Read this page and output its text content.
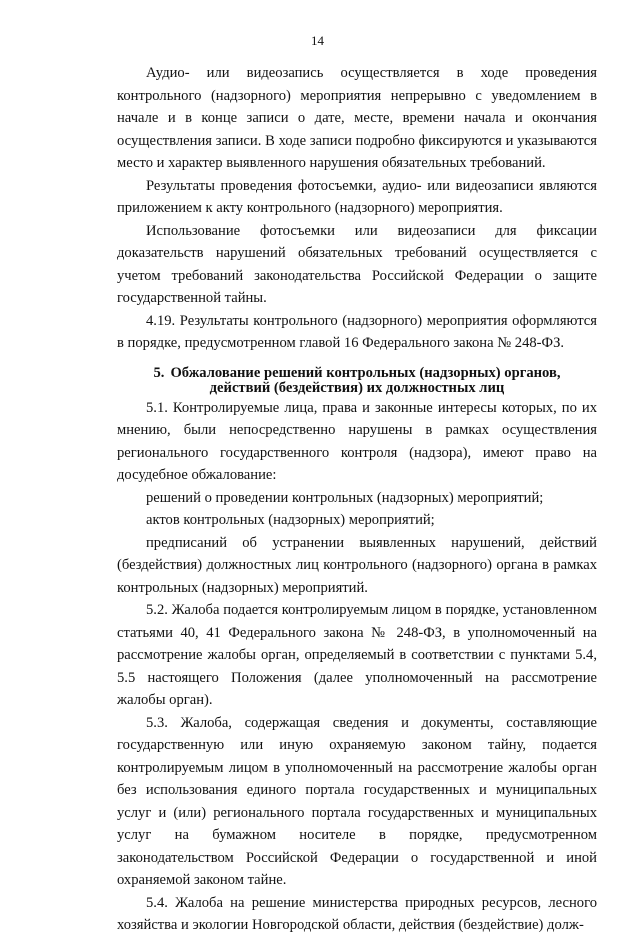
14

Аудио- или видеозапись осуществляется в ходе проведения контрольного (надзорного) мероприятия непрерывно с уведомлением в начале и в конце записи о дате, месте, времени начала и окончания осуществления записи. В ходе записи подробно фиксируются и указываются место и характер выявленного нарушения обязательных требований.

Результаты проведения фотосъемки, аудио- или видеозаписи являются приложением к акту контрольного (надзорного) мероприятия.

Использование фотосъемки или видеозаписи для фиксации доказательств нарушений обязательных требований осуществляется с учетом требований законодательства Российской Федерации о защите государственной тайны.

4.19. Результаты контрольного (надзорного) мероприятия оформляются в порядке, предусмотренном главой 16 Федерального закона № 248-ФЗ.

5. Обжалование решений контрольных (надзорных) органов,
действий (бездействия) их должностных лиц

5.1. Контролируемые лица, права и законные интересы которых, по их мнению, были непосредственно нарушены в рамках осуществления регионального государственного контроля (надзора), имеют право на досудебное обжалование:

решений о проведении контрольных (надзорных) мероприятий;

актов контрольных (надзорных) мероприятий;

предписаний об устранении выявленных нарушений, действий (бездействия) должностных лиц контрольного (надзорного) органа в рамках контрольных (надзорных) мероприятий.

5.2. Жалоба подается контролируемым лицом в порядке, установленном статьями 40, 41 Федерального закона № 248-ФЗ, в уполномоченный на рассмотрение жалобы орган, определяемый в соответствии с пунктами 5.4, 5.5 настоящего Положения (далее уполномоченный на рассмотрение жалобы орган).

5.3. Жалоба, содержащая сведения и документы, составляющие государственную или иную охраняемую законом тайну, подается контролируемым лицом в уполномоченный на рассмотрение жалобы орган без использования единого портала государственных и муниципальных услуг и (или) регионального портала государственных и муниципальных услуг на бумажном носителе в порядке, предусмотренном законодательством Российской Федерации о государственной и иной охраняемой законом тайне.

5.4. Жалоба на решение министерства природных ресурсов, лесного хозяйства и экологии Новгородской области, действия (бездействие) долж-
